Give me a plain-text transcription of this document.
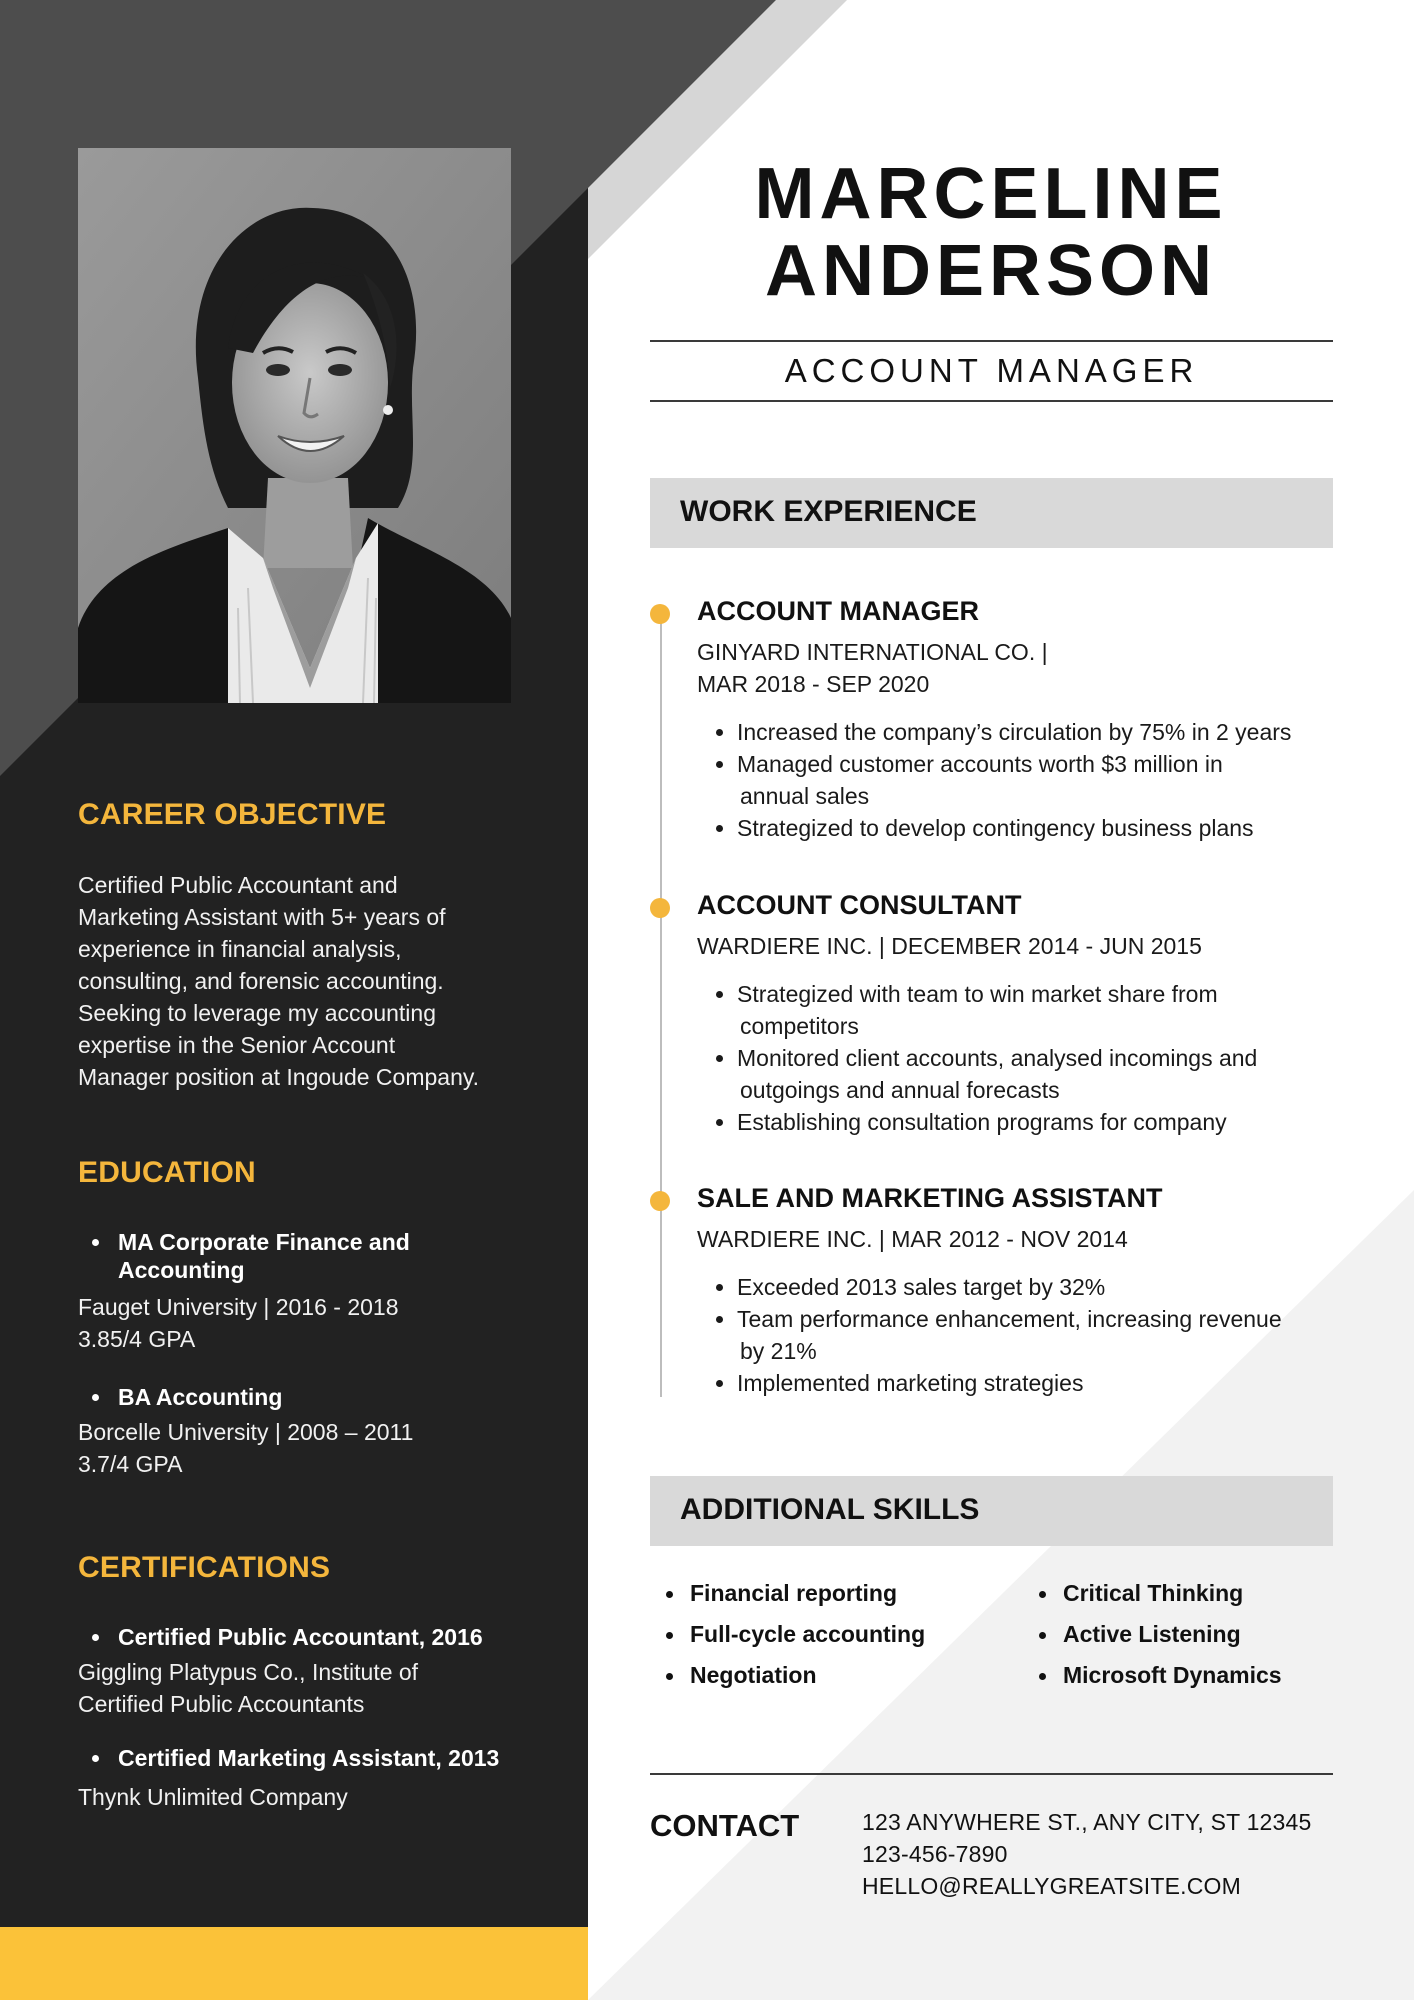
CAREER OBJECTIVE
Certified Public Accountant and
Marketing Assistant with 5+ years of
experience in financial analysis,
consulting, and forensic accounting.
Seeking to leverage my accounting
expertise in the Senior Account
Manager position at Ingoude Company.
EDUCATION
MA Corporate Finance and
Accounting
Fauget University | 2016 - 2018
3.85/4 GPA
BA Accounting
Borcelle University | 2008 – 2011
3.7/4 GPA
CERTIFICATIONS
Certified Public Accountant, 2016
Giggling Platypus Co., Institute of
Certified Public Accountants
Certified Marketing Assistant, 2013
Thynk Unlimited Company
MARCELINE
ANDERSON
ACCOUNT MANAGER
WORK EXPERIENCE
ACCOUNT MANAGER
GINYARD INTERNATIONAL CO. |
MAR 2018 - SEP 2020
Increased the company’s circulation by 75% in 2 years
Managed customer accounts worth $3 million in
annual sales
Strategized to develop contingency business plans
ACCOUNT CONSULTANT
WARDIERE INC. | DECEMBER 2014 - JUN 2015
Strategized with team to win market share from
competitors
Monitored client accounts, analysed incomings and
outgoings and annual forecasts
Establishing consultation programs for company
SALE AND MARKETING ASSISTANT
WARDIERE INC. | MAR 2012 - NOV 2014
Exceeded 2013 sales target by 32%
Team performance enhancement, increasing revenue
by 21%
Implemented marketing strategies
ADDITIONAL SKILLS
Financial reporting
Full-cycle accounting
Negotiation
Critical Thinking
Active Listening
Microsoft Dynamics
CONTACT	123 ANYWHERE ST., ANY CITY, ST 12345
123-456-7890
HELLO@REALLYGREATSITE.COM
